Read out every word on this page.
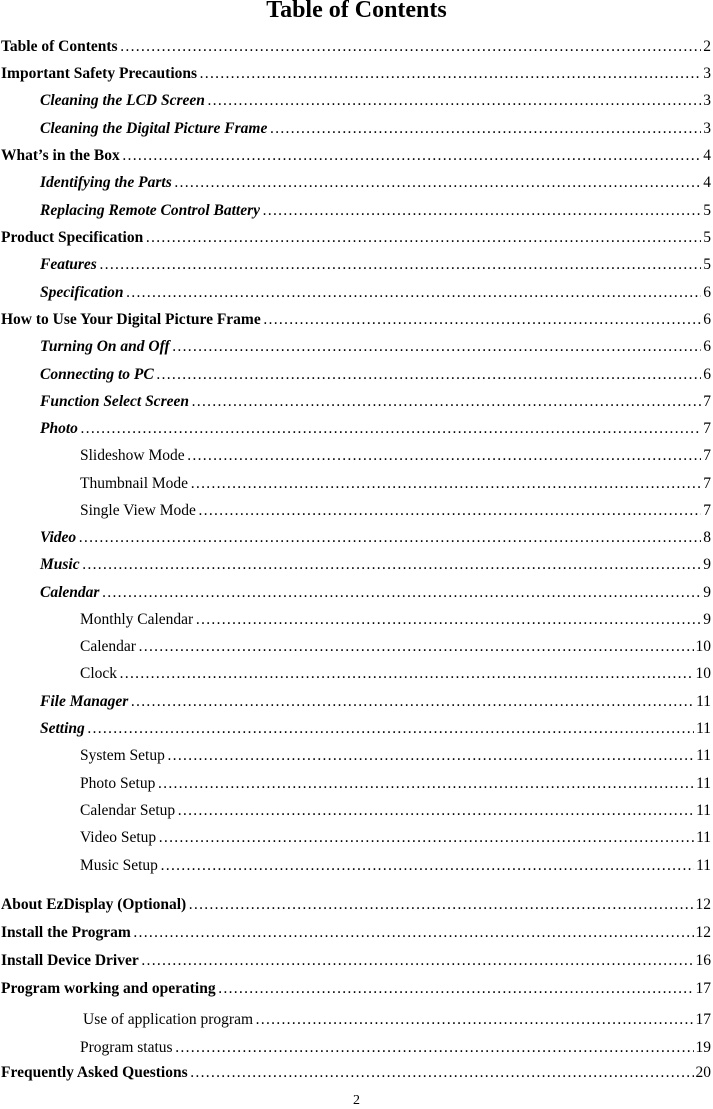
Table of Contents
Table of Contents …………………………………………………………………………………………………………………………………………………………………………	2
Important Safety Precautions …………………………………………………………………………………………………………………………………………………………………………	3
Cleaning the LCD Screen …………………………………………………………………………………………………………………………………………………………………………	3
Cleaning the Digital Picture Frame …………………………………………………………………………………………………………………………………………………………………………	3
What’s in the Box …………………………………………………………………………………………………………………………………………………………………………	4
Identifying the Parts …………………………………………………………………………………………………………………………………………………………………………	4
Replacing Remote Control Battery …………………………………………………………………………………………………………………………………………………………………………	5
Product Specification …………………………………………………………………………………………………………………………………………………………………………	5
Features …………………………………………………………………………………………………………………………………………………………………………	5
Specification …………………………………………………………………………………………………………………………………………………………………………	6
How to Use Your Digital Picture Frame …………………………………………………………………………………………………………………………………………………………………………	6
Turning On and Off …………………………………………………………………………………………………………………………………………………………………………	6
Connecting to PC …………………………………………………………………………………………………………………………………………………………………………	6
Function Select Screen …………………………………………………………………………………………………………………………………………………………………………	7
Photo …………………………………………………………………………………………………………………………………………………………………………	7
Slideshow Mode …………………………………………………………………………………………………………………………………………………………………………	7
Thumbnail Mode …………………………………………………………………………………………………………………………………………………………………………	7
Single View Mode …………………………………………………………………………………………………………………………………………………………………………	7
Video …………………………………………………………………………………………………………………………………………………………………………	8
Music …………………………………………………………………………………………………………………………………………………………………………	9
Calendar …………………………………………………………………………………………………………………………………………………………………………	9
Monthly Calendar …………………………………………………………………………………………………………………………………………………………………………	9
Calendar …………………………………………………………………………………………………………………………………………………………………………	10
Clock …………………………………………………………………………………………………………………………………………………………………………	10
File Manager …………………………………………………………………………………………………………………………………………………………………………	11
Setting …………………………………………………………………………………………………………………………………………………………………………	11
System Setup …………………………………………………………………………………………………………………………………………………………………………	11
Photo Setup …………………………………………………………………………………………………………………………………………………………………………	11
Calendar Setup …………………………………………………………………………………………………………………………………………………………………………	11
Video Setup …………………………………………………………………………………………………………………………………………………………………………	11
Music Setup …………………………………………………………………………………………………………………………………………………………………………	11
About EzDisplay (Optional) …………………………………………………………………………………………………………………………………………………………………………	12
Install the Program …………………………………………………………………………………………………………………………………………………………………………	12
Install Device Driver …………………………………………………………………………………………………………………………………………………………………………	16
Program working and operating …………………………………………………………………………………………………………………………………………………………………………	17
Use of application program …………………………………………………………………………………………………………………………………………………………………………	17
Program status …………………………………………………………………………………………………………………………………………………………………………	19
Frequently Asked Questions …………………………………………………………………………………………………………………………………………………………………………	20
2
